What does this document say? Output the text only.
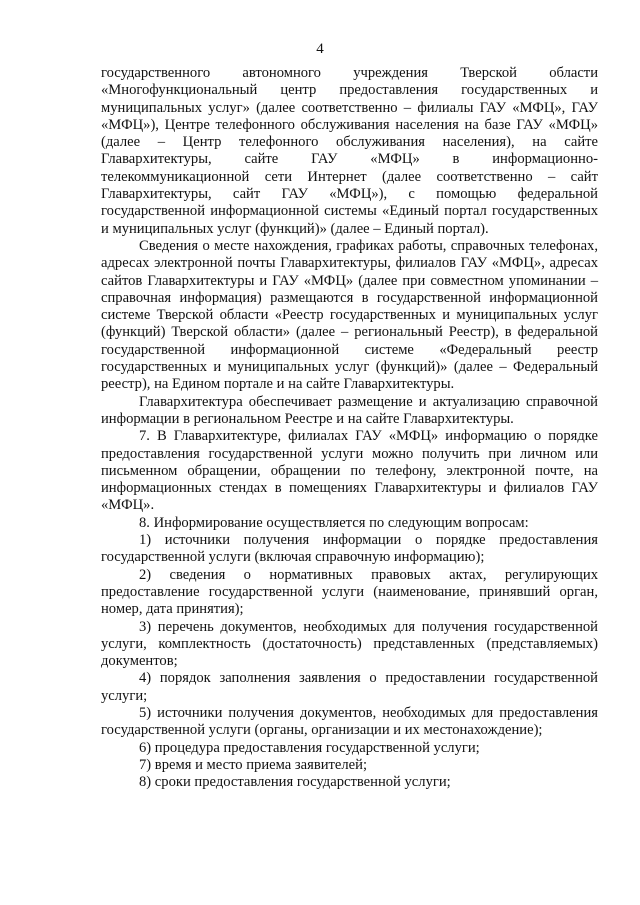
4

государственного автономного учреждения Тверской области «Многофункциональный центр предоставления государственных и муниципальных услуг» (далее соответственно – филиалы ГАУ «МФЦ», ГАУ «МФЦ»), Центре телефонного обслуживания населения на базе ГАУ «МФЦ» (далее – Центр телефонного обслуживания населения), на сайте Главархитектуры, сайте ГАУ «МФЦ» в информационно-телекоммуникационной сети Интернет (далее соответственно – сайт Главархитектуры, сайт ГАУ «МФЦ»), с помощью федеральной государственной информационной системы «Единый портал государственных и муниципальных услуг (функций)» (далее – Единый портал).

Сведения о месте нахождения, графиках работы, справочных телефонах, адресах электронной почты Главархитектуры, филиалов ГАУ «МФЦ», адресах сайтов Главархитектуры и ГАУ «МФЦ» (далее при совместном упоминании – справочная информация) размещаются в государственной информационной системе Тверской области «Реестр государственных и муниципальных услуг (функций) Тверской области» (далее – региональный Реестр), в федеральной государственной информационной системе «Федеральный реестр государственных и муниципальных услуг (функций)» (далее – Федеральный реестр), на Едином портале и на сайте Главархитектуры.

Главархитектура обеспечивает размещение и актуализацию справочной информации в региональном Реестре и на сайте Главархитектуры.

7. В Главархитектуре, филиалах ГАУ «МФЦ» информацию о порядке предоставления государственной услуги можно получить при личном или письменном обращении, обращении по телефону, электронной почте, на информационных стендах в помещениях Главархитектуры и филиалов ГАУ «МФЦ».

8. Информирование осуществляется по следующим вопросам:

1) источники получения информации о порядке предоставления государственной услуги (включая справочную информацию);

2) сведения о нормативных правовых актах, регулирующих предоставление государственной услуги (наименование, принявший орган, номер, дата принятия);

3) перечень документов, необходимых для получения государственной услуги, комплектность (достаточность) представленных (представляемых) документов;

4) порядок заполнения заявления о предоставлении государственной услуги;

5) источники получения документов, необходимых для предоставления государственной услуги (органы, организации и их местонахождение);

6) процедура предоставления государственной услуги;

7) время и место приема заявителей;

8) сроки предоставления государственной услуги;
